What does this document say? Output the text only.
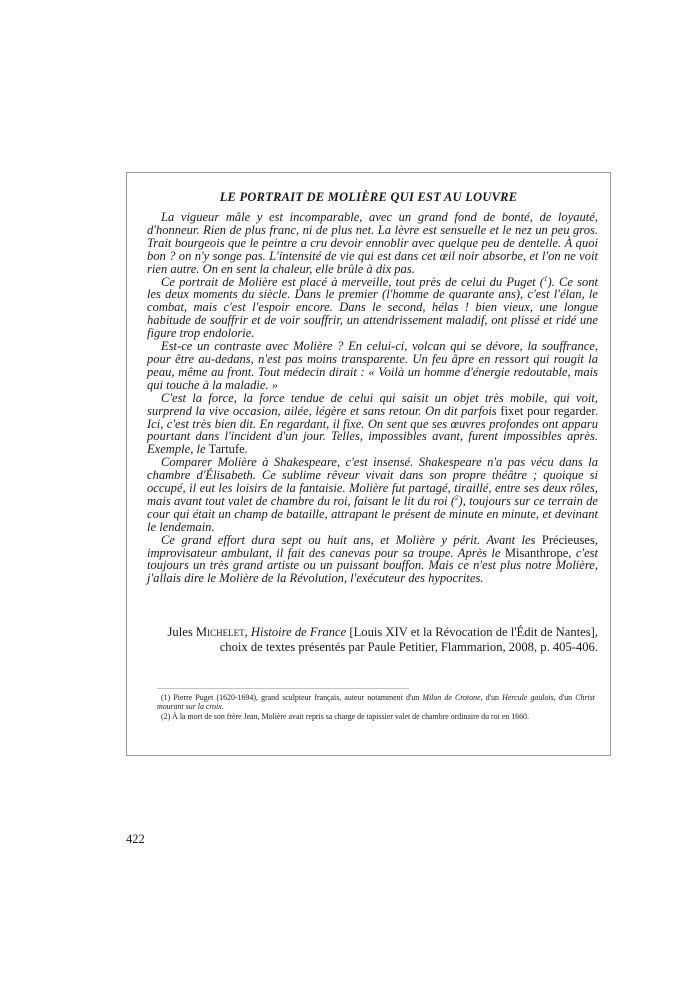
LE PORTRAIT DE MOLIÈRE QUI EST AU LOUVRE

La vigueur mâle y est incomparable, avec un grand fond de bonté, de loyauté, d'honneur. Rien de plus franc, ni de plus net. La lèvre est sensuelle et le nez un peu gros. Trait bourgeois que le peintre a cru devoir ennoblir avec quelque peu de dentelle. À quoi bon ? on n'y songe pas. L'intensité de vie qui est dans cet œil noir absorbe, et l'on ne voit rien autre. On en sent la chaleur, elle brûle à dix pas.

Ce portrait de Molière est placé à merveille, tout près de celui du Puget ($^1$). Ce sont les deux moments du siècle. Dans le premier (l'homme de quarante ans), c'est l'élan, le combat, mais c'est l'espoir encore. Dans le second, hélas ! bien vieux, une longue habitude de souffrir et de voir souffrir, un attendrissement maladif, ont plissé et ridé une figure trop endolorie.

Est-ce un contraste avec Molière ? En celui-ci, volcan qui se dévore, la souffrance, pour être au-dedans, n'est pas moins transparente. Un feu âpre en ressort qui rougit la peau, même au front. Tout médecin dirait : « Voilà un homme d'énergie redoutable, mais qui touche à la maladie. »

C'est la force, la force tendue de celui qui saisit un objet très mobile, qui voit, surprend la vive occasion, ailée, légère et sans retour. On dit parfois fixet pour regarder. Ici, c'est très bien dit. En regardant, il fixe. On sent que ses œuvres profondes ont apparu pourtant dans l'incident d'un jour. Telles, impossibles avant, furent impossibles après. Exemple, le Tartufe.

Comparer Molière à Shakespeare, c'est insensé. Shakespeare n'a pas vécu dans la chambre d'Élisabeth. Ce sublime rêveur vivait dans son propre théâtre ; quoique si occupé, il eut les loisirs de la fantaisie. Molière fut partagé, tiraillé, entre ses deux rôles, mais avant tout valet de chambre du roi, faisant le lit du roi ($^2$), toujours sur ce terrain de cour qui était un champ de bataille, attrapant le présent de minute en minute, et devinant le lendemain.

Ce grand effort dura sept ou huit ans, et Molière y périt. Avant les Précieuses, improvisateur ambulant, il fait des canevas pour sa troupe. Après le Misanthrope, c'est toujours un très grand artiste ou un puissant bouffon. Mais ce n'est plus notre Molière, j'allais dire le Molière de la Révolution, l'exécuteur des hypocrites.

Jules Michelet, Histoire de France [Louis XIV et la Révocation de l'Édit de Nantes], choix de textes présentés par Paule Petitier, Flammarion, 2008, p. 405-406.

(1) Pierre Puget (1620-1694), grand sculpteur français, auteur notamment d'un Milon de Crotone, d'un Hercule gaulois, d'un Christ mourant sur la croix.

(2) À la mort de son frère Jean, Molière avait repris sa charge de tapissier valet de chambre ordinaire du roi en 1660.

422
